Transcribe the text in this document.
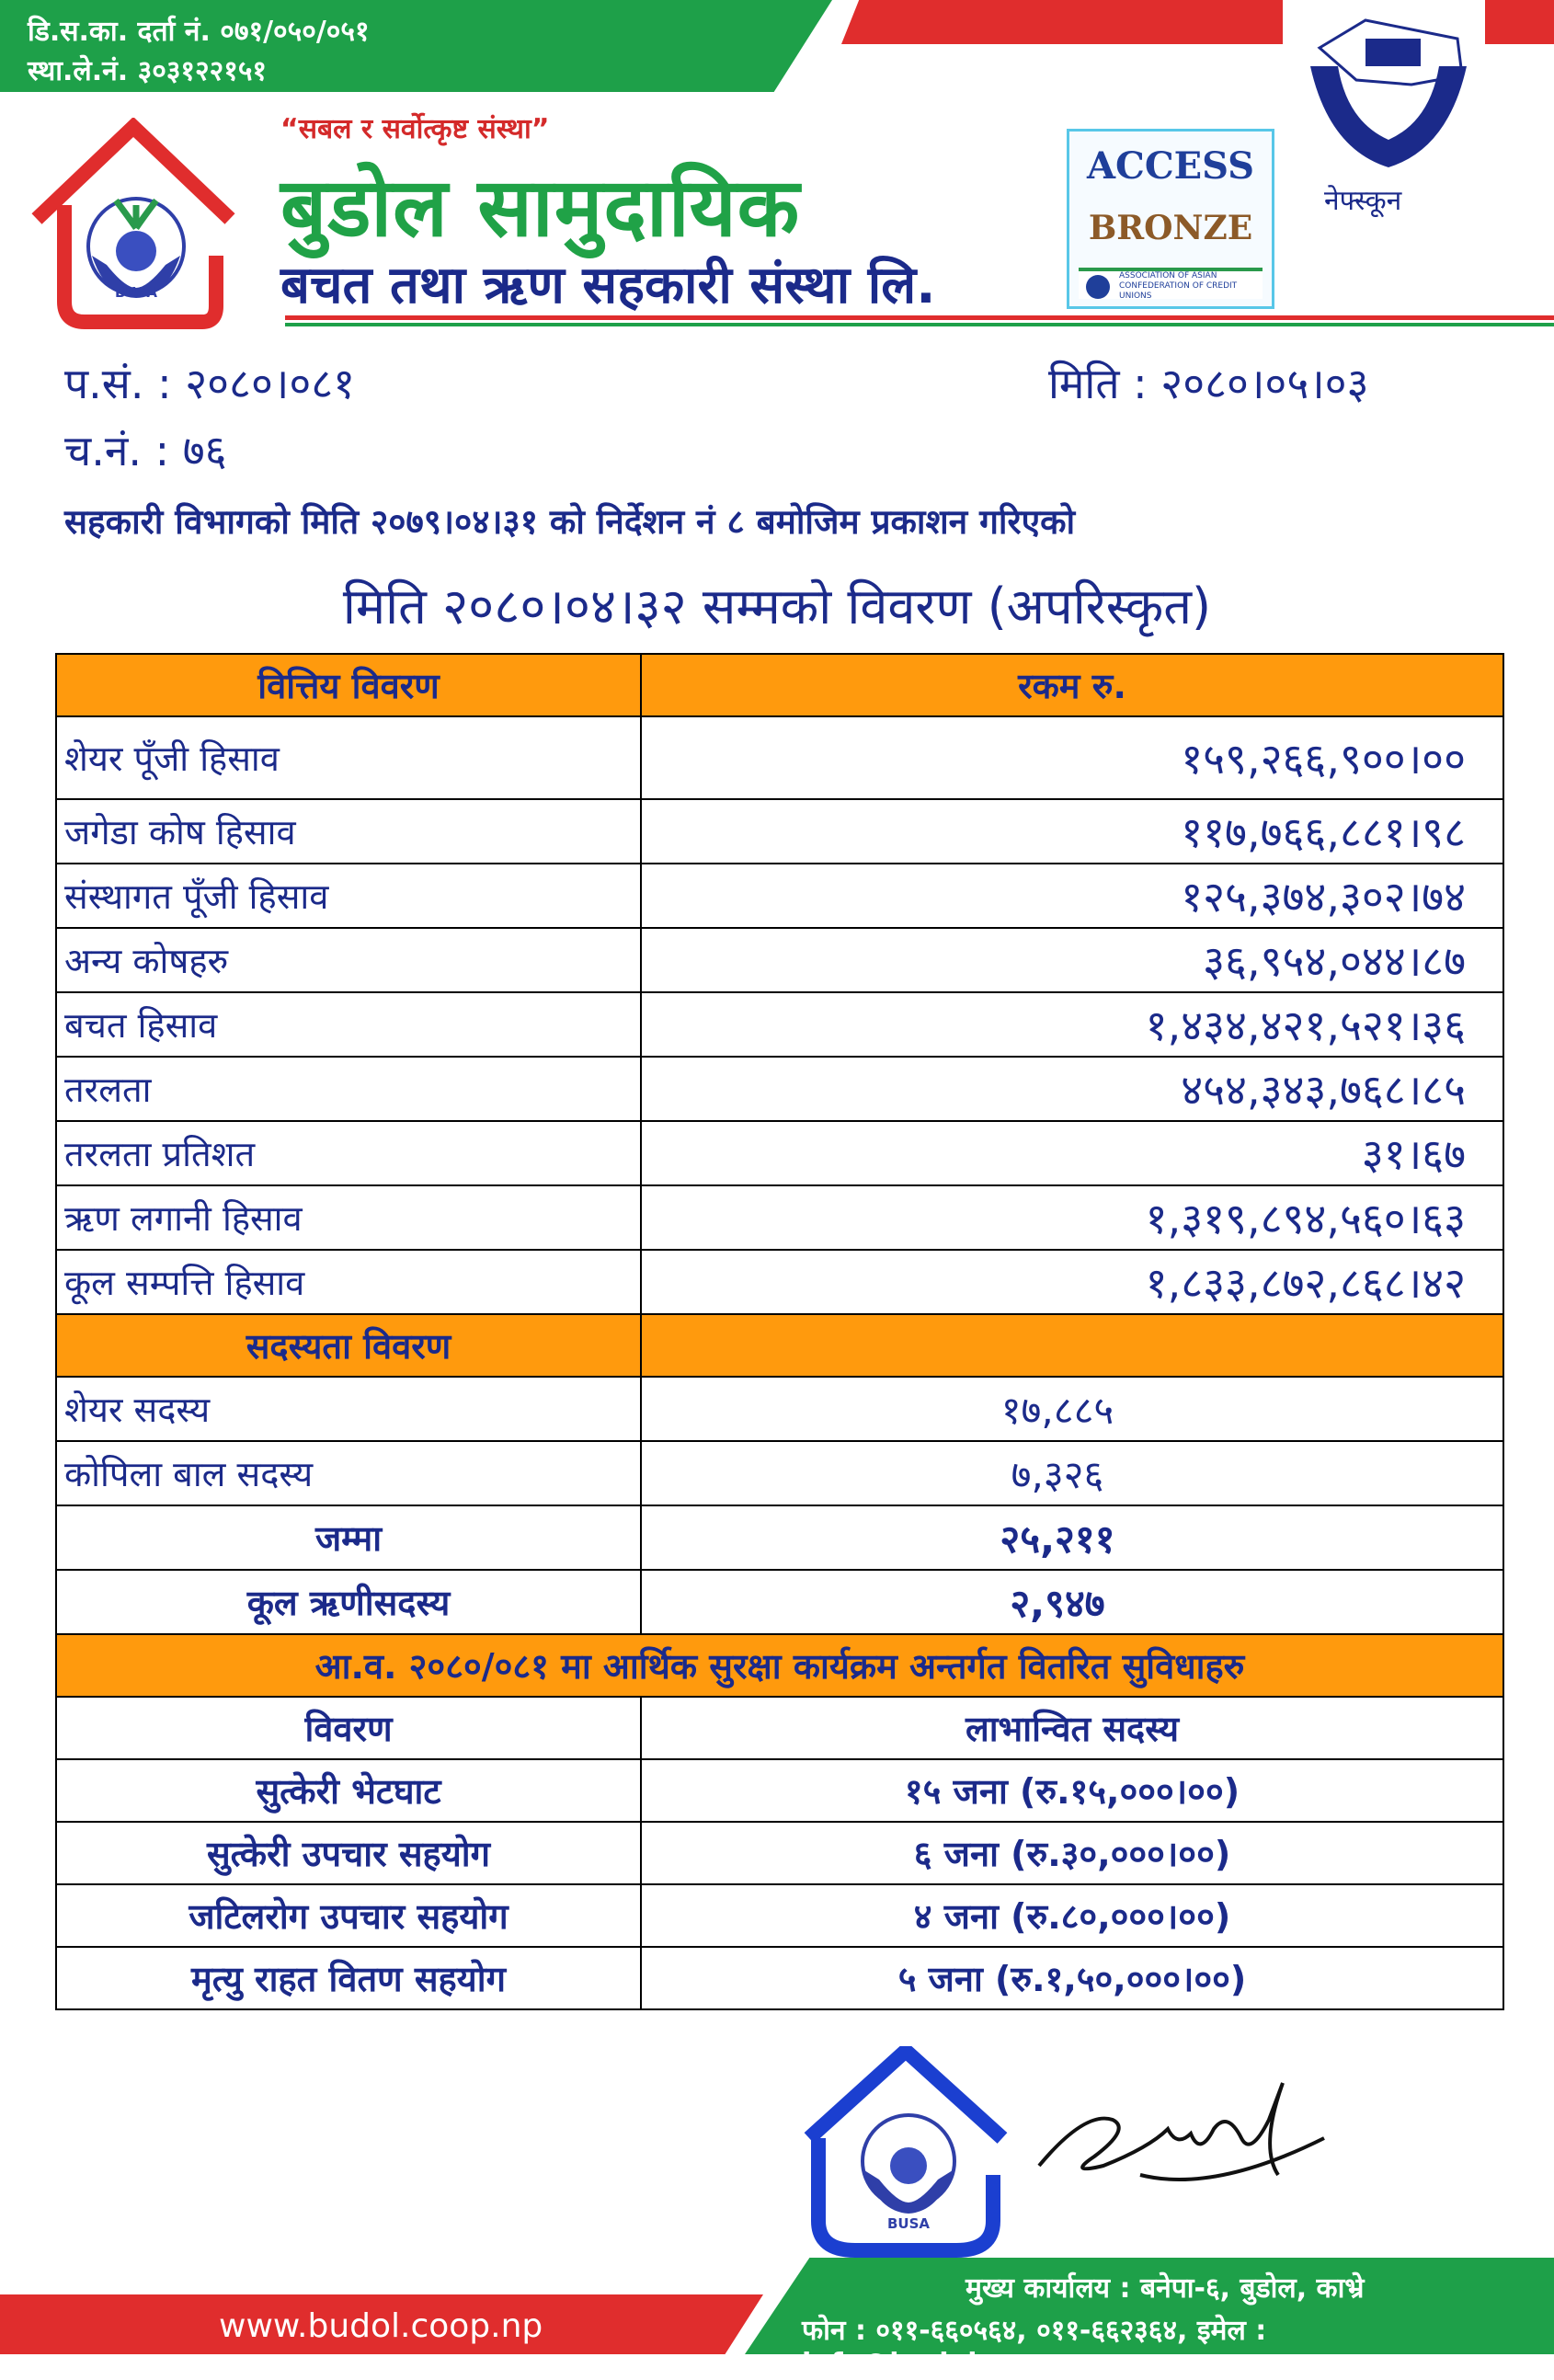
डि.स.का. दर्ता नं. ०७१/०५०/०५१
स्था.ले.नं. ३०३१२२१५१
BUSA
“सबल र सर्वोत्कृष्ट संस्था”
बुडोल सामुदायिक
बचत तथा ऋण सहकारी संस्था लि.
ACCESS
BRONZE
ASSOCIATION OF ASIAN CONFEDERATION OF CREDIT UNIONS
नेफ्स्कून
प.सं. : २०८०।०८१	मिति : २०८०।०५।०३
च.नं. : ७६
सहकारी विभागको मिति २०७९।०४।३१ को निर्देशन नं ८ बमोजिम प्रकाशन गरिएको
मिति २०८०।०४।३२ सम्मको विवरण (अपरिस्कृत)
वित्तिय विवरण	रकम रु.
शेयर पूँजी हिसाव	१५९,२६६,९००।००
जगेडा कोष हिसाव	११७,७६६,८८१।९८
संस्थागत पूँजी हिसाव	१२५,३७४,३०२।७४
अन्य कोषहरु	३६,९५४,०४४।८७
बचत हिसाव	१,४३४,४२१,५२१।३६
तरलता	४५४,३४३,७६८।८५
तरलता प्रतिशत	३१।६७
ऋण लगानी हिसाव	१,३१९,८९४,५६०।६३
कूल सम्पत्ति हिसाव	१,८३३,८७२,८६८।४२
सदस्यता विवरण	
शेयर सदस्य	१७,८८५
कोपिला बाल सदस्य	७,३२६
जम्मा	२५,२११
कूल ऋणीसदस्य	२,९४७
आ.व. २०८०/०८१ मा आर्थिक सुरक्षा कार्यक्रम अन्तर्गत वितरित सुविधाहरु	
विवरण	लाभान्वित सदस्य
सुत्केरी भेटघाट	१५ जना (रु.१५,०००।००)
सुत्केरी उपचार सहयोग	६ जना (रु.३०,०००।००)
जटिलरोग उपचार सहयोग	४ जना (रु.८०,०००।००)
मृत्यु राहत वितण सहयोग	५ जना (रु.१,५०,०००।००)
BUSA
www.budol.coop.np
मुख्य कार्यालय : बनेपा-६, बुडोल, काभ्रे
फोन : ०११-६६०५६४, ०११-६६२३६४, इमेल : info@budol.coop.np
